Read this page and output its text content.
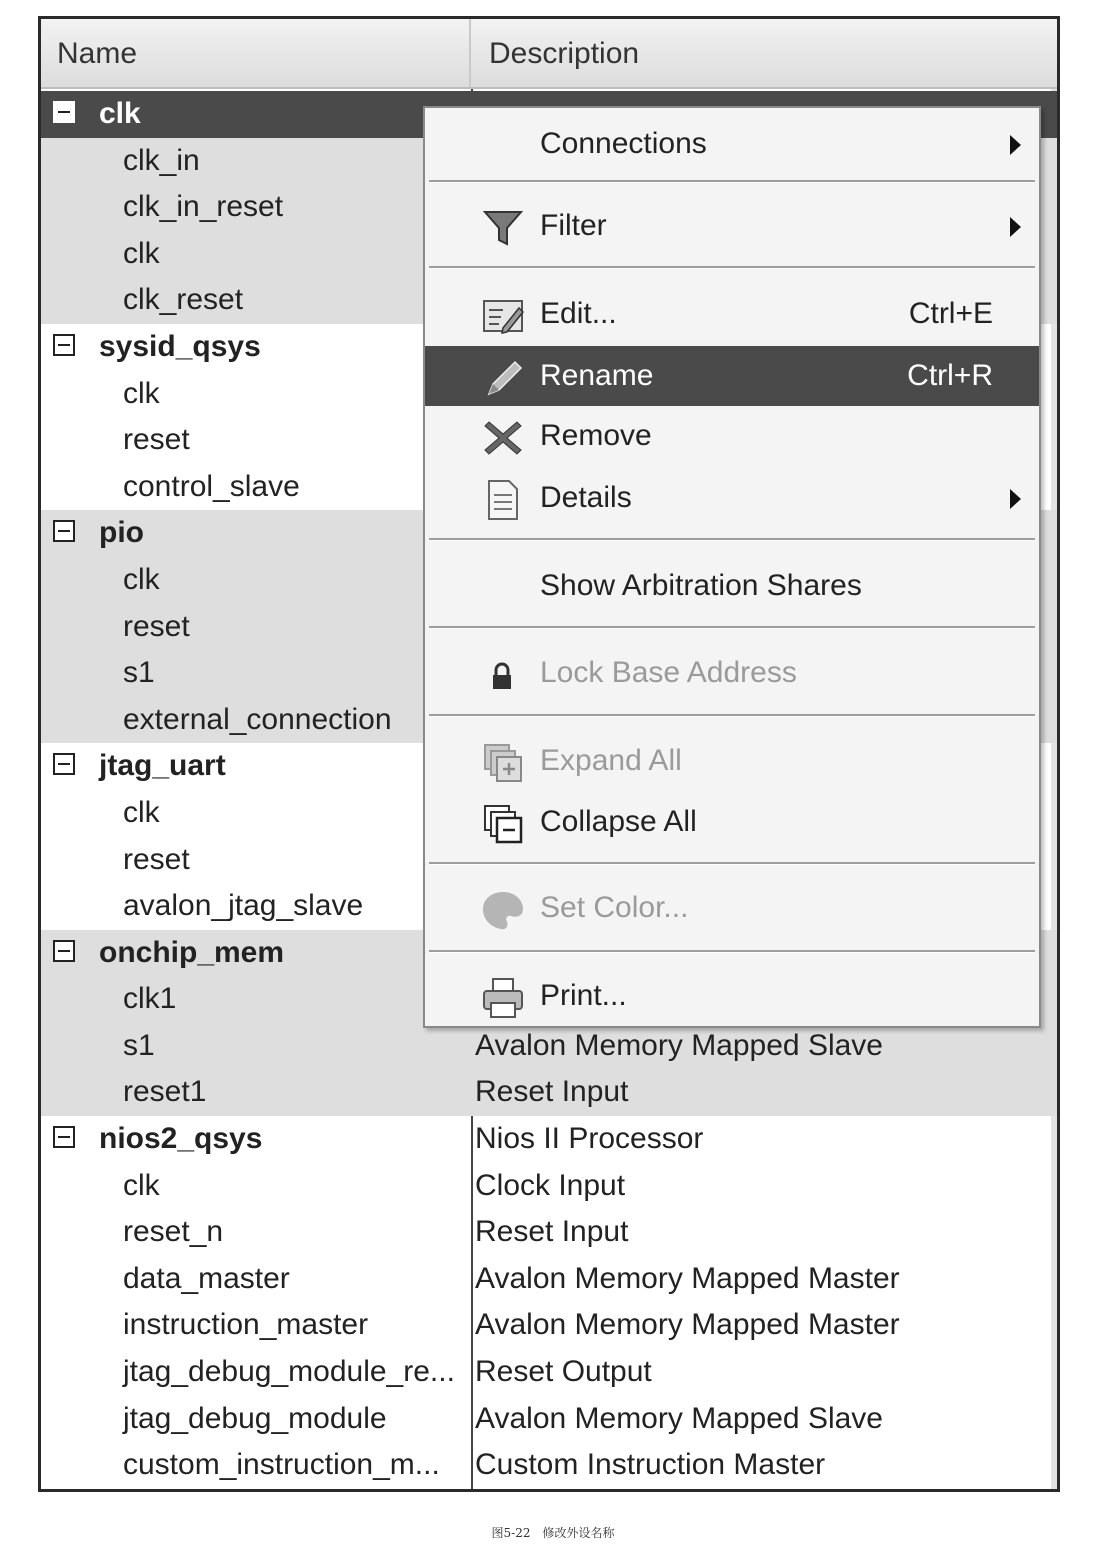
Name	Description
clk
clk_in
clk_in_reset
clk
clk_reset
sysid_qsys
clk
reset
control_slave
pio
clk
reset
s1
external_connection
jtag_uart
clk
reset
avalon_jtag_slave
onchip_mem
clk1
s1	Avalon Memory Mapped Slave
reset1	Reset Input
nios2_qsys	Nios II Processor
clk	Clock Input
reset_n	Reset Input
data_master	Avalon Memory Mapped Master
instruction_master	Avalon Memory Mapped Master
jtag_debug_module_re... Reset Output
jtag_debug_module	Avalon Memory Mapped Slave
custom_instruction_m...	Custom Instruction Master
Connections
Filter
Edit...	Ctrl+E
Rename	Ctrl+R
Remove
Details
Show Arbitration Shares
Lock Base Address
Expand All
Collapse All
Set Color...
Print...
图5-22　修改外设名称
